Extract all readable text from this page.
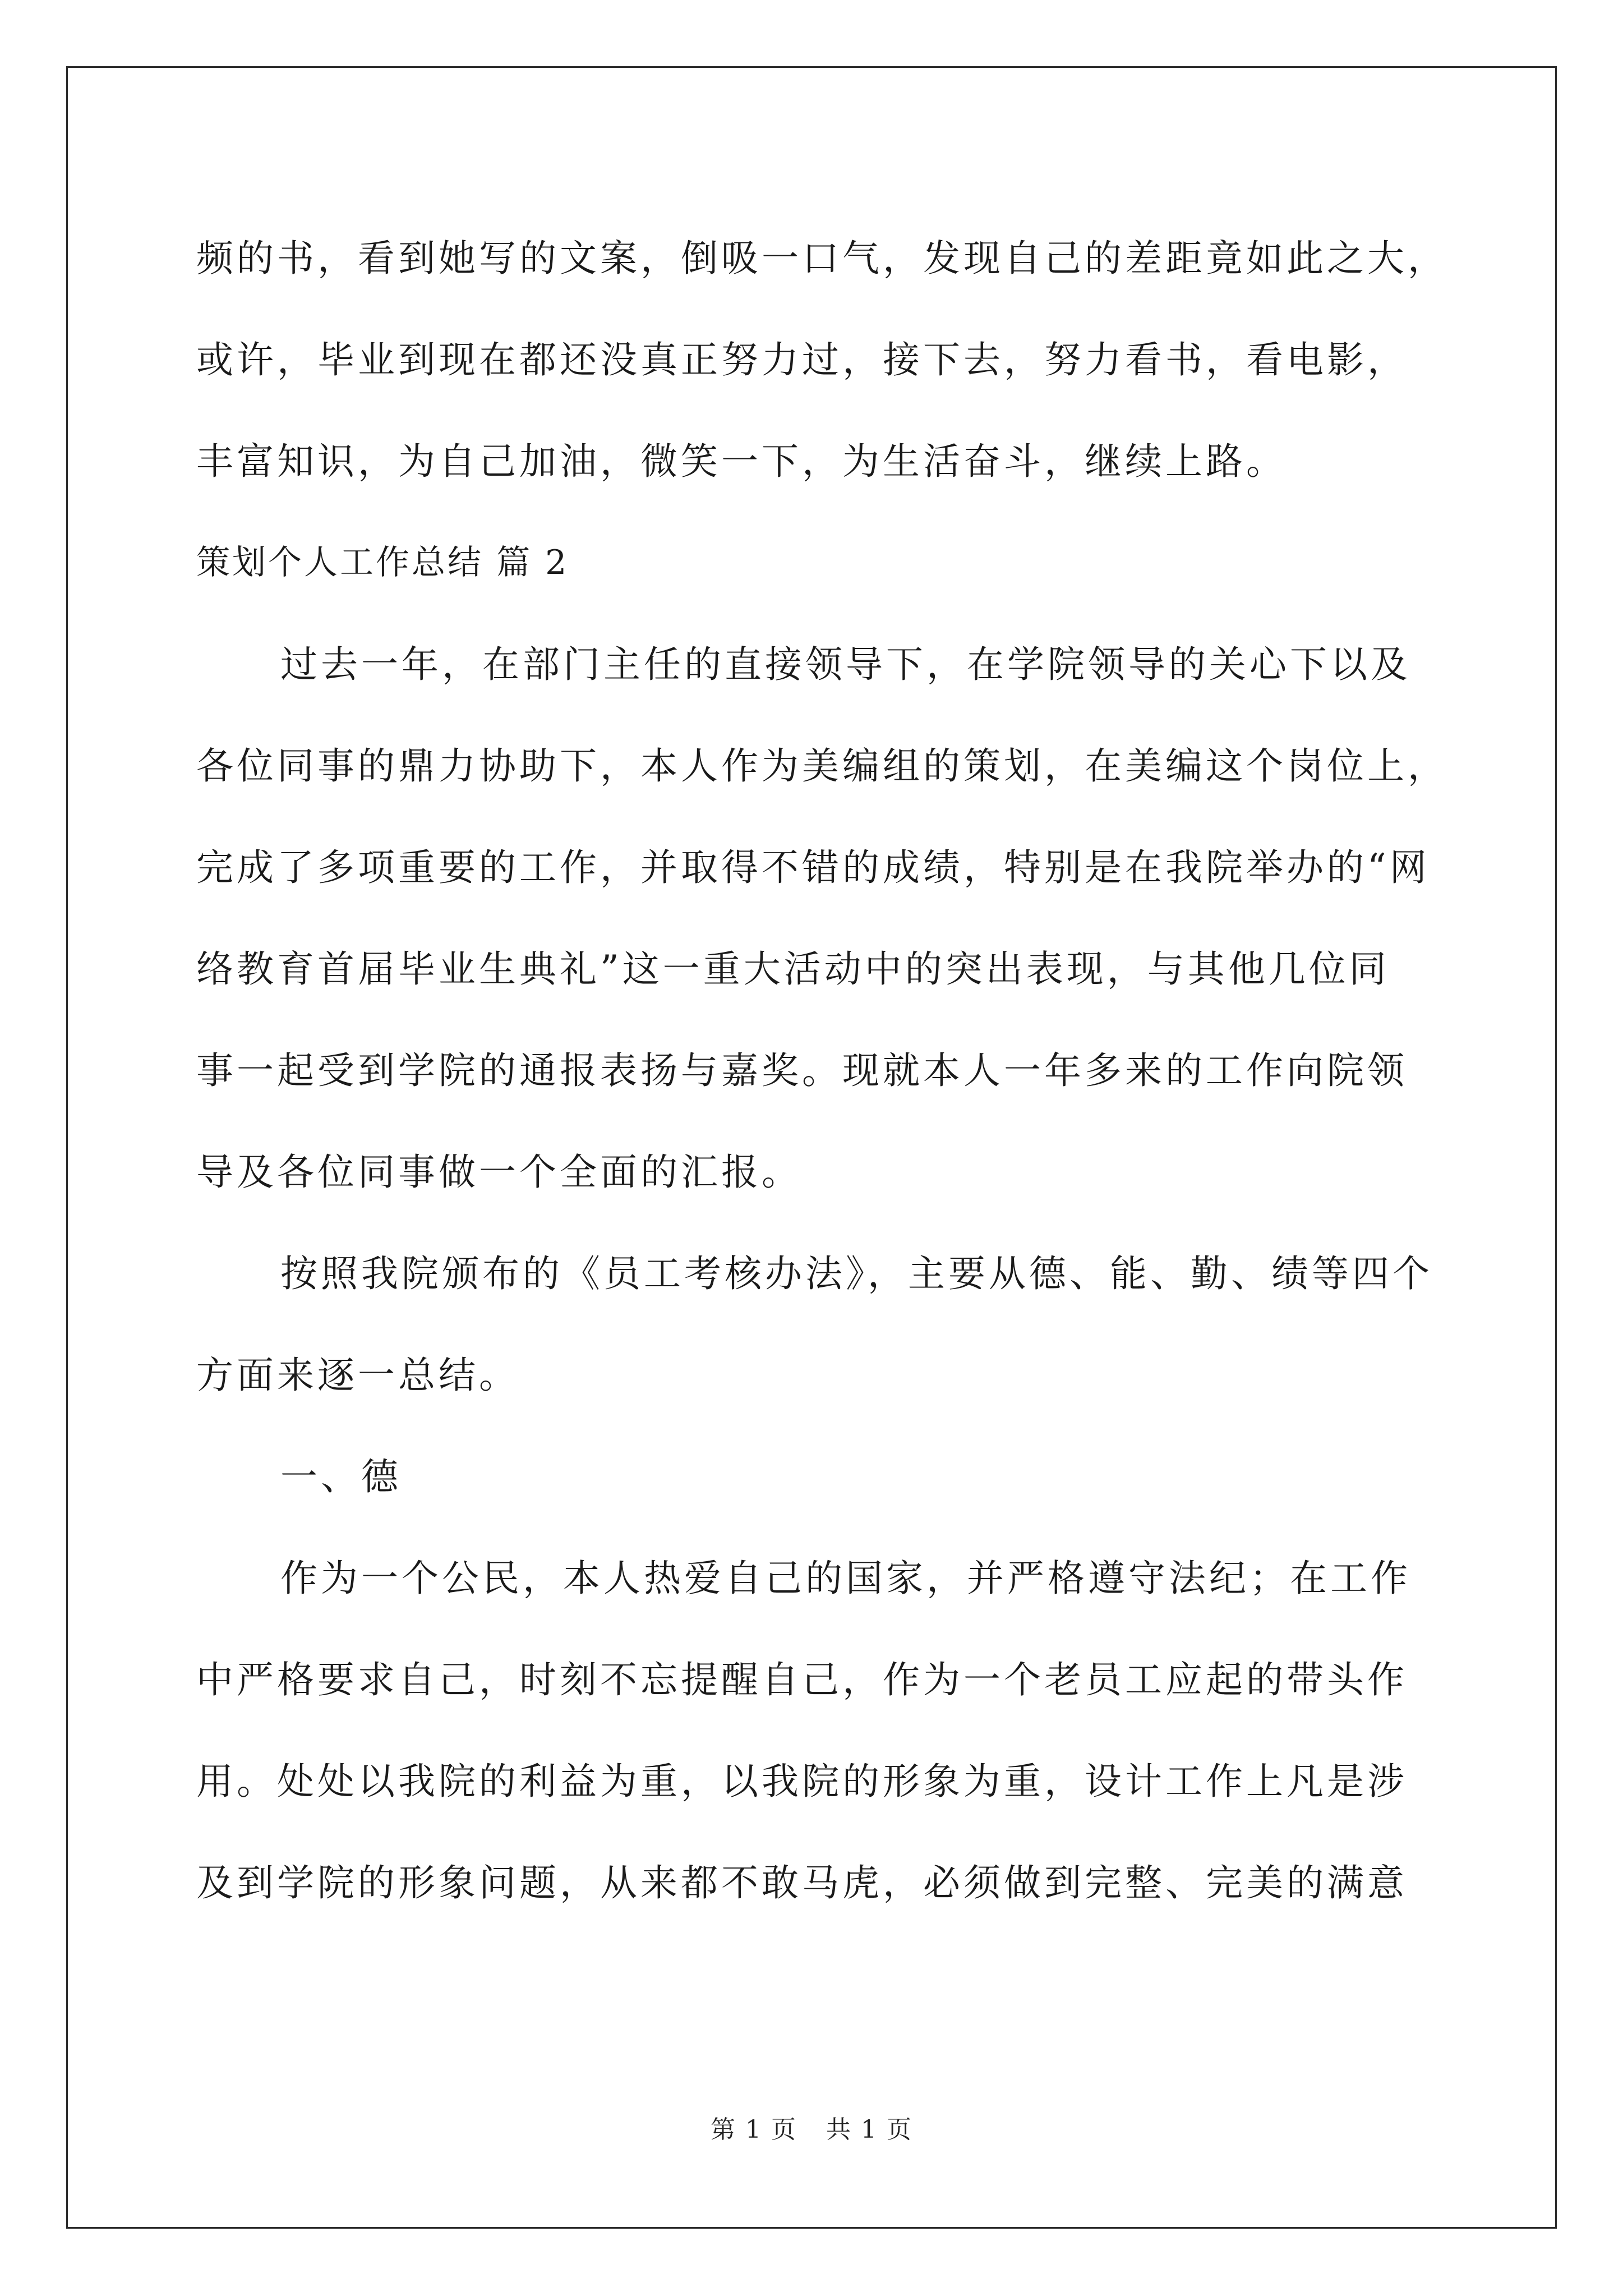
频的书，看到她写的文案，倒吸一口气，发现自己的差距竟如此之大，
或许，毕业到现在都还没真正努力过，接下去，努力看书，看电影，
丰富知识，为自己加油，微笑一下，为生活奋斗，继续上路。
策划个人工作总结 篇 2
过去一年，在部门主任的直接领导下，在学院领导的关心下以及
各位同事的鼎力协助下，本人作为美编组的策划，在美编这个岗位上，
完成了多项重要的工作，并取得不错的成绩，特别是在我院举办的“网
络教育首届毕业生典礼”这一重大活动中的突出表现，与其他几位同
事一起受到学院的通报表扬与嘉奖。现就本人一年多来的工作向院领
导及各位同事做一个全面的汇报。
按照我院颁布的《员工考核办法》，主要从德、能、勤、绩等四个
方面来逐一总结。
一、德
作为一个公民，本人热爱自己的国家，并严格遵守法纪；在工作
中严格要求自己，时刻不忘提醒自己，作为一个老员工应起的带头作
用。处处以我院的利益为重，以我院的形象为重，设计工作上凡是涉
及到学院的形象问题，从来都不敢马虎，必须做到完整、完美的满意
第 1 页 共 1 页
